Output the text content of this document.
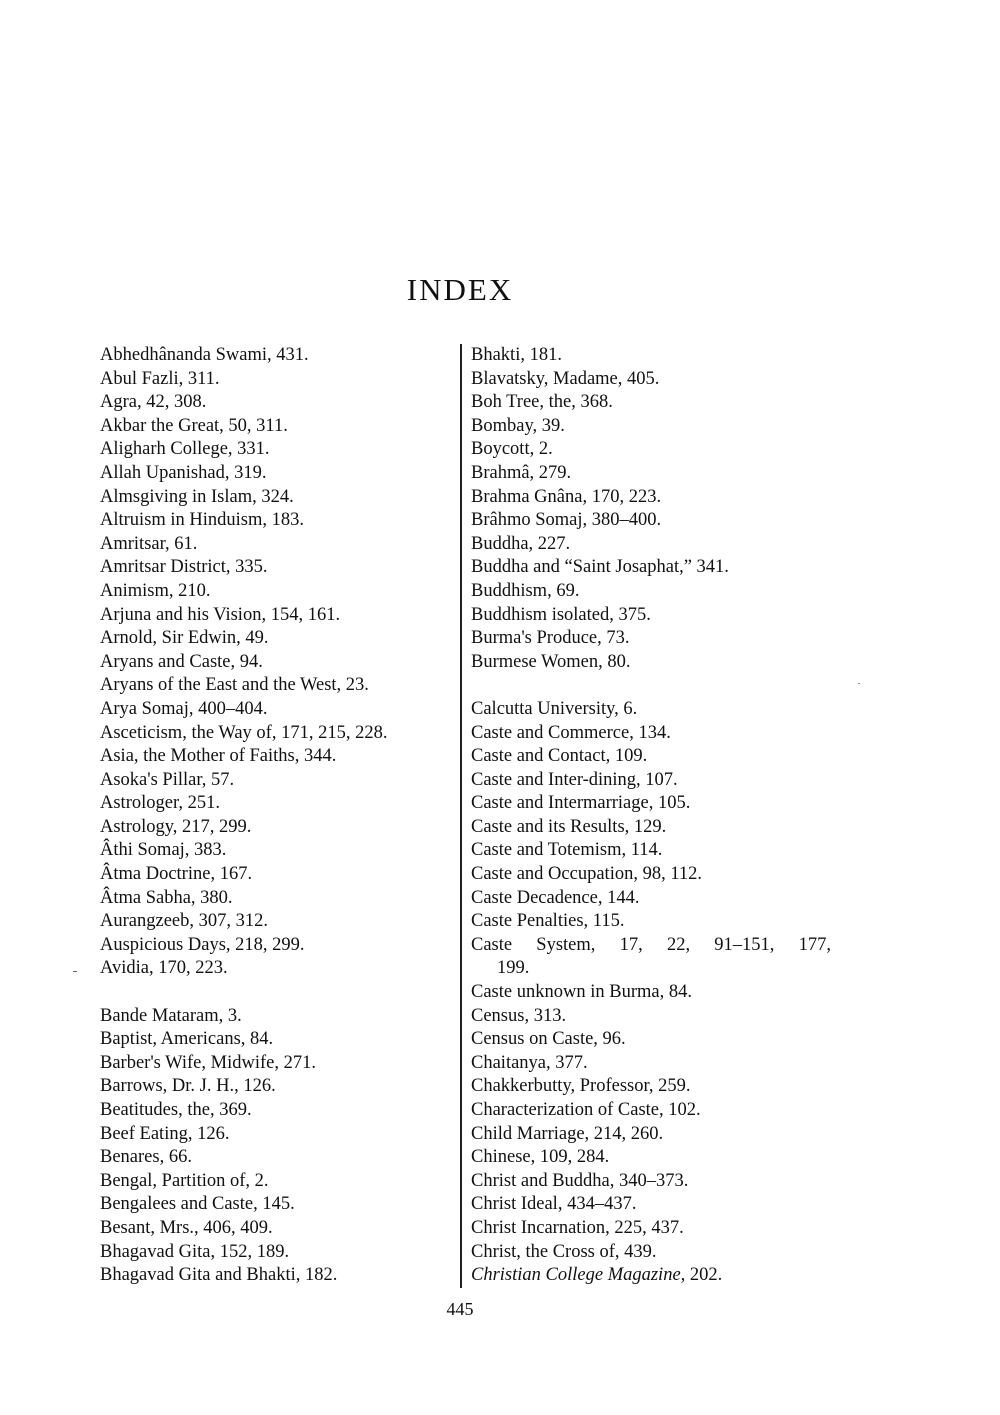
INDEX
Abhedhânanda Swami, 431.
Abul Fazli, 311.
Agra, 42, 308.
Akbar the Great, 50, 311.
Aligharh College, 331.
Allah Upanishad, 319.
Almsgiving in Islam, 324.
Altruism in Hinduism, 183.
Amritsar, 61.
Amritsar District, 335.
Animism, 210.
Arjuna and his Vision, 154, 161.
Arnold, Sir Edwin, 49.
Aryans and Caste, 94.
Aryans of the East and the West, 23.
Arya Somaj, 400–404.
Asceticism, the Way of, 171, 215, 228.
Asia, the Mother of Faiths, 344.
Asoka's Pillar, 57.
Astrologer, 251.
Astrology, 217, 299.
Âthi Somaj, 383.
Âtma Doctrine, 167.
Âtma Sabha, 380.
Aurangzeeb, 307, 312.
Auspicious Days, 218, 299.
Avidia, 170, 223.
Bande Mataram, 3.
Baptist, Americans, 84.
Barber's Wife, Midwife, 271.
Barrows, Dr. J. H., 126.
Beatitudes, the, 369.
Beef Eating, 126.
Benares, 66.
Bengal, Partition of, 2.
Bengalees and Caste, 145.
Besant, Mrs., 406, 409.
Bhagavad Gita, 152, 189.
Bhagavad Gita and Bhakti, 182.
Bhakti, 181.
Blavatsky, Madame, 405.
Boh Tree, the, 368.
Bombay, 39.
Boycott, 2.
Brahmâ, 279.
Brahma Gnâna, 170, 223.
Brâhmo Somaj, 380–400.
Buddha, 227.
Buddha and “Saint Josaphat,” 341.
Buddhism, 69.
Buddhism isolated, 375.
Burma's Produce, 73.
Burmese Women, 80.
Calcutta University, 6.
Caste and Commerce, 134.
Caste and Contact, 109.
Caste and Inter-dining, 107.
Caste and Intermarriage, 105.
Caste and its Results, 129.
Caste and Totemism, 114.
Caste and Occupation, 98, 112.
Caste Decadence, 144.
Caste Penalties, 115.
Caste System, 17, 22, 91–151, 177,
199.
Caste unknown in Burma, 84.
Census, 313.
Census on Caste, 96.
Chaitanya, 377.
Chakkerbutty, Professor, 259.
Characterization of Caste, 102.
Child Marriage, 214, 260.
Chinese, 109, 284.
Christ and Buddha, 340–373.
Christ Ideal, 434–437.
Christ Incarnation, 225, 437.
Christ, the Cross of, 439.
Christian College Magazine, 202.
445
